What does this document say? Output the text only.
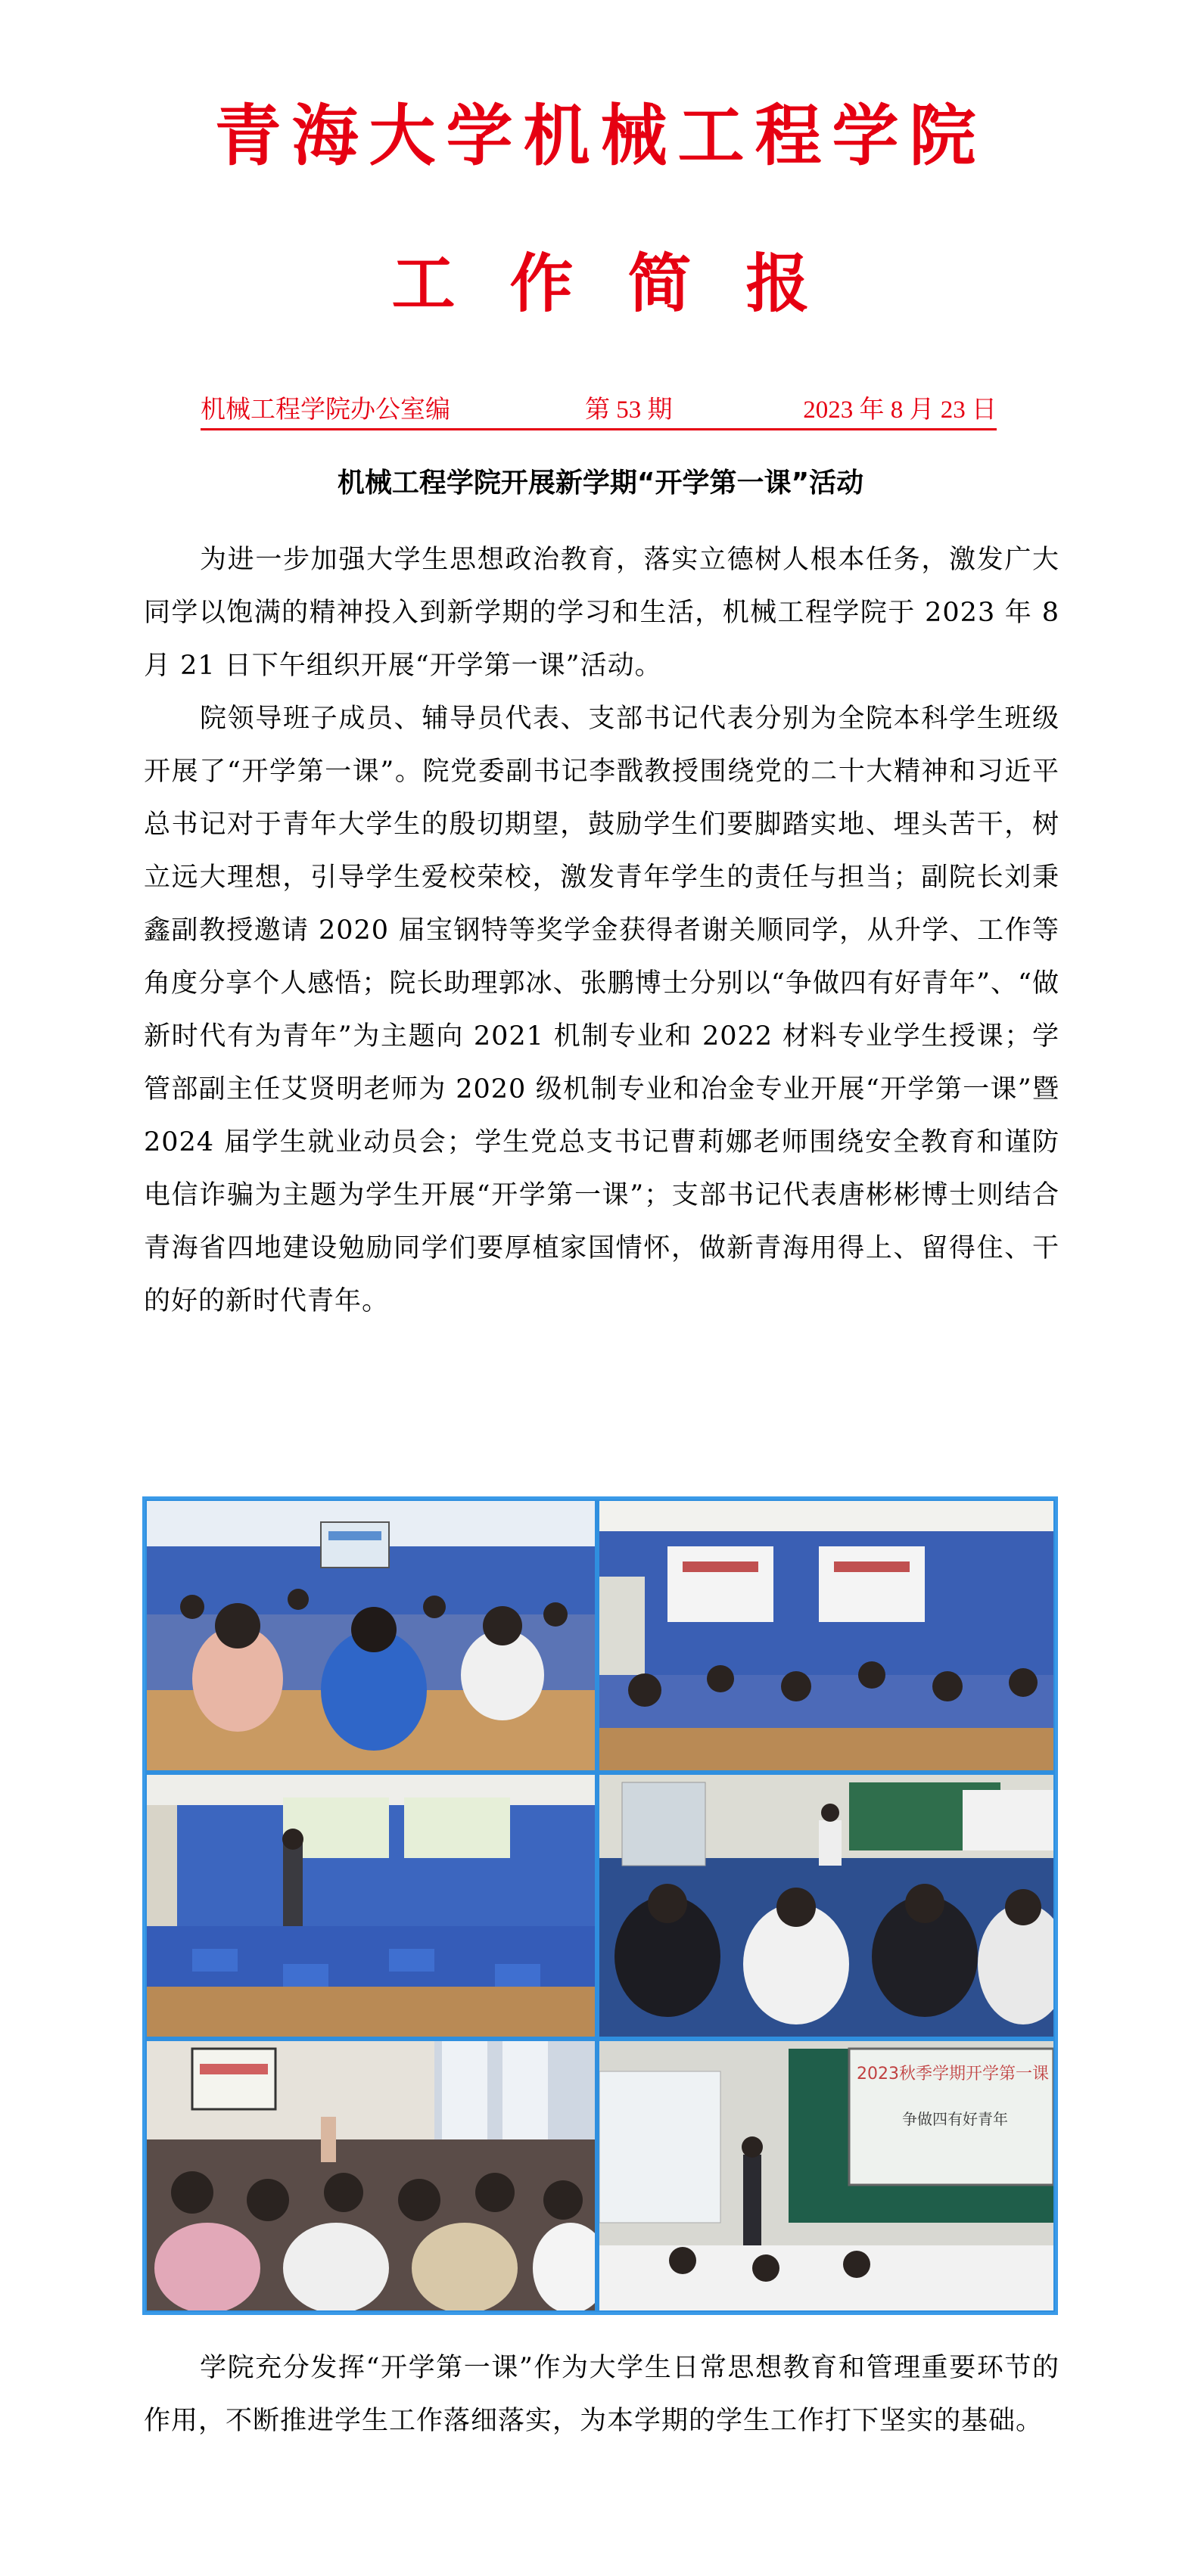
青海大学机械工程学院
工作简报
机械工程学院办公室编	第 53 期	2023 年 8 月 23 日
机械工程学院开展新学期“开学第一课”活动

为进一步加强大学生思想政治教育，落实立德树人根本任务，激发广大同学以饱满的精神投入到新学期的学习和生活，机械工程学院于 2023 年 8 月 21 日下午组织开展“开学第一课”活动。

院领导班子成员、辅导员代表、支部书记代表分别为全院本科学生班级开展了“开学第一课”。院党委副书记李戬教授围绕党的二十大精神和习近平总书记对于青年大学生的殷切期望，鼓励学生们要脚踏实地、埋头苦干，树立远大理想，引导学生爱校荣校，激发青年学生的责任与担当；副院长刘秉鑫副教授邀请 2020 届宝钢特等奖学金获得者谢关顺同学，从升学、工作等角度分享个人感悟；院长助理郭冰、张鹏博士分别以“争做四有好青年”、“做新时代有为青年”为主题向 2021 机制专业和 2022 材料专业学生授课；学管部副主任艾贤明老师为 2020 级机制专业和冶金专业开展“开学第一课”暨 2024 届学生就业动员会；学生党总支书记曹莉娜老师围绕安全教育和谨防电信诈骗为主题为学生开展“开学第一课”；支部书记代表唐彬彬博士则结合青海省四地建设勉励同学们要厚植家国情怀，做新青海用得上、留得住、干的好的新时代青年。

2023秋季学期开学第一课
争做四有好青年

学院充分发挥“开学第一课”作为大学生日常思想教育和管理重要环节的作用，不断推进学生工作落细落实，为本学期的学生工作打下坚实的基础。
